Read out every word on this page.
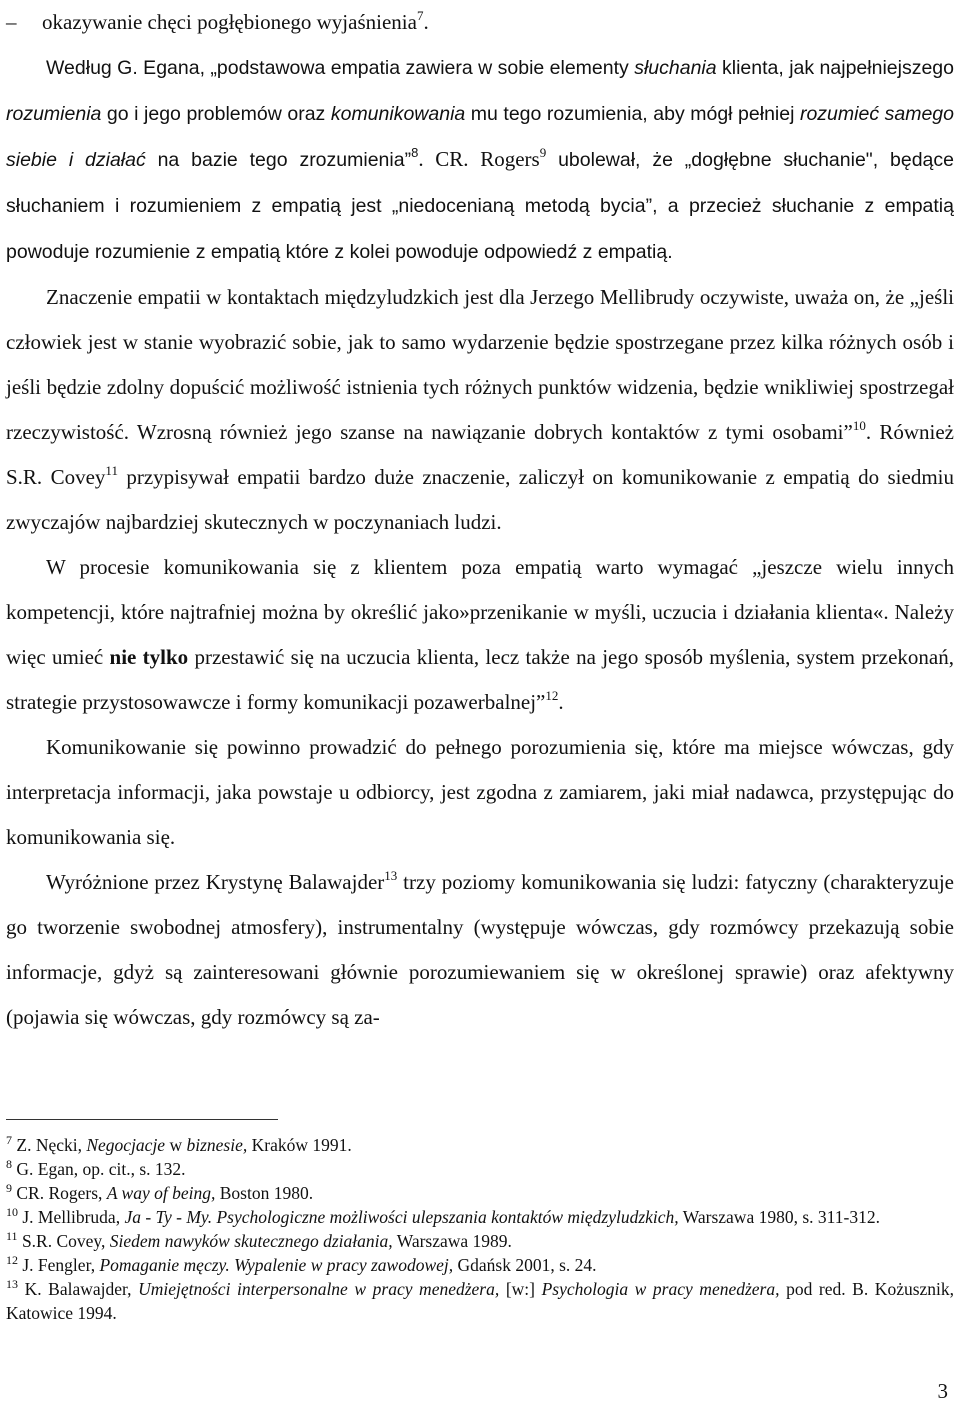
– okazywanie chęci pogłębionego wyjaśnienia$^7$.

Według G. Egana, „podstawowa empatia zawiera w sobie elementy słuchania klienta, jak najpełniejszego rozumienia go i jego problemów oraz komunikowania mu tego rozumienia, aby mógł pełniej rozumieć samego siebie i działać na bazie tego zrozumienia”$^8$. CR. Rogers$^9$ ubolewał, że „dogłębne słuchanie", będące słuchaniem i rozumieniem z empatią jest „niedocenianą metodą bycia”, a przecież słuchanie z empatią powoduje rozumienie z empatią które z kolei powoduje odpowiedź z empatią.

Znaczenie empatii w kontaktach międzyludzkich jest dla Jerzego Mellibrudy oczywiste, uważa on, że „jeśli człowiek jest w stanie wyobrazić sobie, jak to samo wydarzenie będzie spostrzegane przez kilka różnych osób i jeśli będzie zdolny dopuścić możliwość istnienia tych różnych punktów widzenia, będzie wnikliwiej spostrzegał rzeczywistość. Wzrosną również jego szanse na nawiązanie dobrych kontaktów z tymi osobami”$^{10}$. Również S.R. Covey$^{11}$ przypisywał empatii bardzo duże znaczenie, zaliczył on komunikowanie z empatią do siedmiu zwyczajów najbardziej skutecznych w poczynaniach ludzi.

W procesie komunikowania się z klientem poza empatią warto wymagać „jeszcze wielu innych kompetencji, które najtrafniej można by określić jako»przenikanie w myśli, uczucia i działania klienta«. Należy więc umieć nie tylko przestawić się na uczucia klienta, lecz także na jego sposób myślenia, system przekonań, strategie przystosowawcze i formy komunikacji pozawerbalnej”$^{12}$.

Komunikowanie się powinno prowadzić do pełnego porozumienia się, które ma miejsce wówczas, gdy interpretacja informacji, jaka powstaje u odbiorcy, jest zgodna z zamiarem, jaki miał nadawca, przystępując do komunikowania się.

Wyróżnione przez Krystynę Balawajder$^{13}$ trzy poziomy komunikowania się ludzi: fatyczny (charakteryzuje go tworzenie swobodnej atmosfery), instrumentalny (występuje wówczas, gdy rozmówcy przekazują sobie informacje, gdyż są zainteresowani głównie porozumiewaniem się w określonej sprawie) oraz afektywny (pojawia się wówczas, gdy rozmówcy są za-

$^7$ Z. Nęcki, Negocjacje w biznesie, Kraków 1991.

$^8$ G. Egan, op. cit., s. 132.

$^9$ CR. Rogers, A way of being, Boston 1980.

$^{10}$ J. Mellibruda, Ja - Ty - My. Psychologiczne możliwości ulepszania kontaktów międzyludzkich, Warszawa 1980, s. 311-312.

$^{11}$ S.R. Covey, Siedem nawyków skutecznego działania, Warszawa 1989.

$^{12}$ J. Fengler, Pomaganie męczy. Wypalenie w pracy zawodowej, Gdańsk 2001, s. 24.

$^{13}$ K. Balawajder, Umiejętności interpersonalne w pracy menedżera, [w:] Psychologia w pracy menedżera, pod red. B. Kożusznik, Katowice 1994.

3
